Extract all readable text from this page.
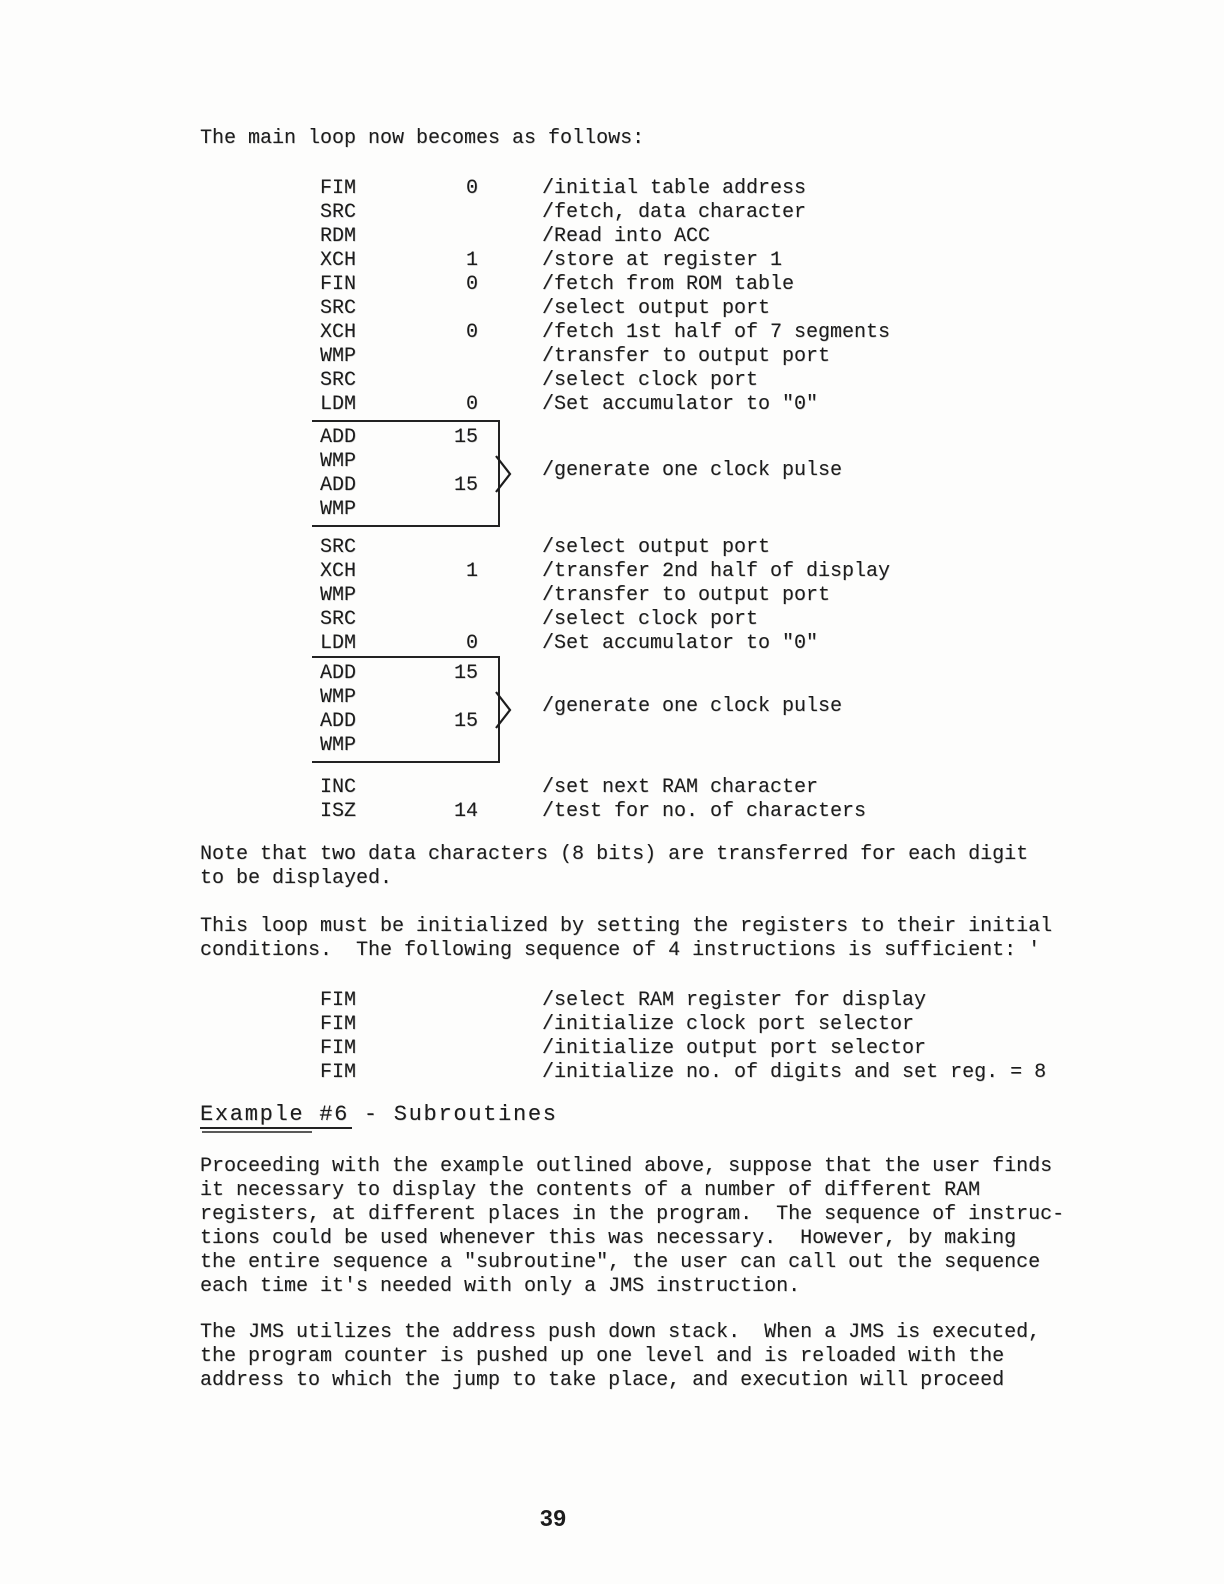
The main loop now becomes as follows:
FIM	0	/initial table address
SRC	/fetch, data character
RDM	/Read into ACC
XCH	1	/store at register 1
FIN	0	/fetch from ROM table
SRC	/select output port
XCH	0	/fetch 1st half of 7 segments
WMP	/transfer to output port
SRC	/select clock port
LDM	0	/Set accumulator to "0"
ADD	15
WMP
ADD	15
WMP
/generate one clock pulse
SRC	/select output port
XCH	1	/transfer 2nd half of display
WMP	/transfer to output port
SRC	/select clock port
LDM	0	/Set accumulator to "0"
ADD	15
WMP
ADD	15
WMP
/generate one clock pulse
INC	/set next RAM character
ISZ	14	/test for no. of characters
Note that two data characters (8 bits) are transferred for each digit
to be displayed.
This loop must be initialized by setting the registers to their initial
conditions.  The following sequence of 4 instructions is sufficient: '
FIM	/select RAM register for display
FIM	/initialize clock port selector
FIM	/initialize output port selector
FIM	/initialize no. of digits and set reg. = 8
Example #6 - Subroutines
Proceeding with the example outlined above, suppose that the user finds
it necessary to display the contents of a number of different RAM
registers, at different places in the program.  The sequence of instruc-
tions could be used whenever this was necessary.  However, by making
the entire sequence a "subroutine", the user can call out the sequence
each time it's needed with only a JMS instruction.
The JMS utilizes the address push down stack.  When a JMS is executed,
the program counter is pushed up one level and is reloaded with the
address to which the jump to take place, and execution will proceed
39
